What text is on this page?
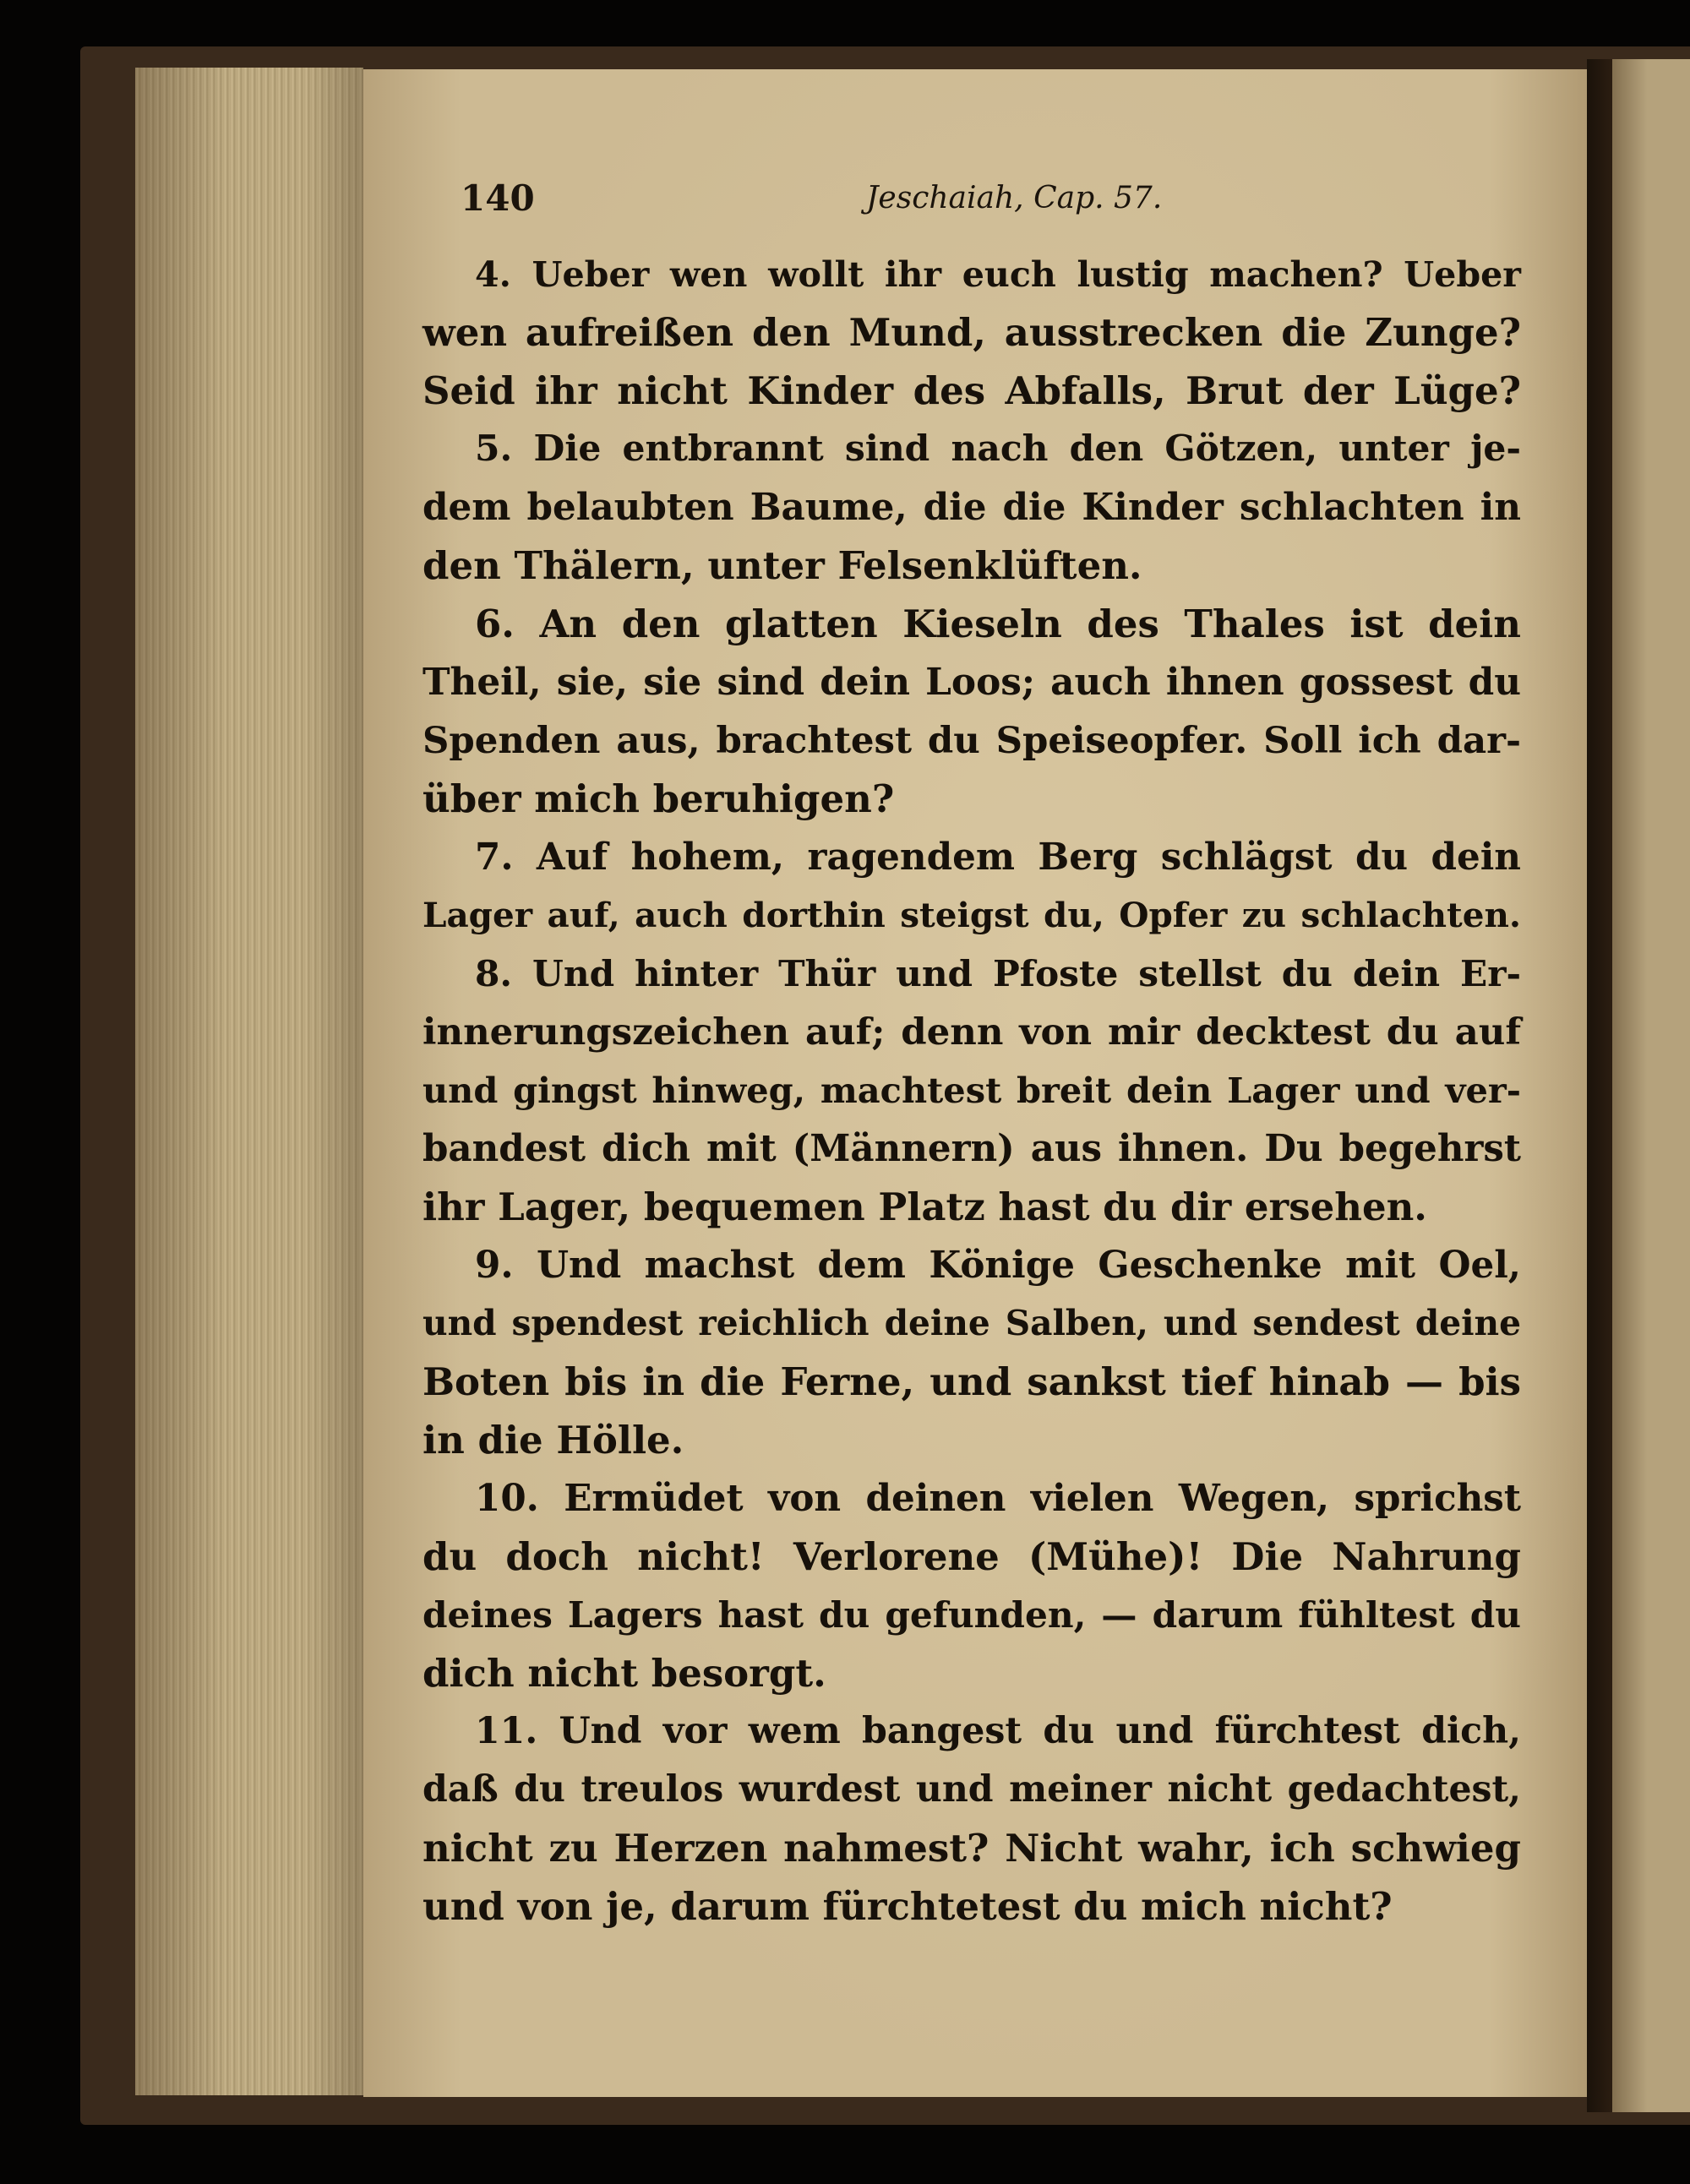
140	Jeschaiah, Cap. 57.
4. Ueber wen wollt ihr euch lustig machen? Ueber
wen aufreißen den Mund, ausstrecken die Zunge?
Seid ihr nicht Kinder des Abfalls, Brut der Lüge?
5. Die entbrannt sind nach den Götzen, unter je-
dem belaubten Baume, die die Kinder schlachten in
den Thälern, unter Felsenklüften.
6. An den glatten Kieseln des Thales ist dein
Theil, sie, sie sind dein Loos; auch ihnen gossest du
Spenden aus, brachtest du Speiseopfer. Soll ich dar-
über mich beruhigen?
7. Auf hohem, ragendem Berg schlägst du dein
Lager auf, auch dorthin steigst du, Opfer zu schlachten.
8. Und hinter Thür und Pfoste stellst du dein Er-
innerungszeichen auf; denn von mir decktest du auf
und gingst hinweg, machtest breit dein Lager und ver-
bandest dich mit (Männern) aus ihnen. Du begehrst
ihr Lager, bequemen Platz hast du dir ersehen.
9. Und machst dem Könige Geschenke mit Oel,
und spendest reichlich deine Salben, und sendest deine
Boten bis in die Ferne, und sankst tief hinab — bis
in die Hölle.
10. Ermüdet von deinen vielen Wegen, sprichst
du doch nicht! Verlorene (Mühe)! Die Nahrung
deines Lagers hast du gefunden, — darum fühltest du
dich nicht besorgt.
11. Und vor wem bangest du und fürchtest dich,
daß du treulos wurdest und meiner nicht gedachtest,
nicht zu Herzen nahmest? Nicht wahr, ich schwieg
und von je, darum fürchtetest du mich nicht?
